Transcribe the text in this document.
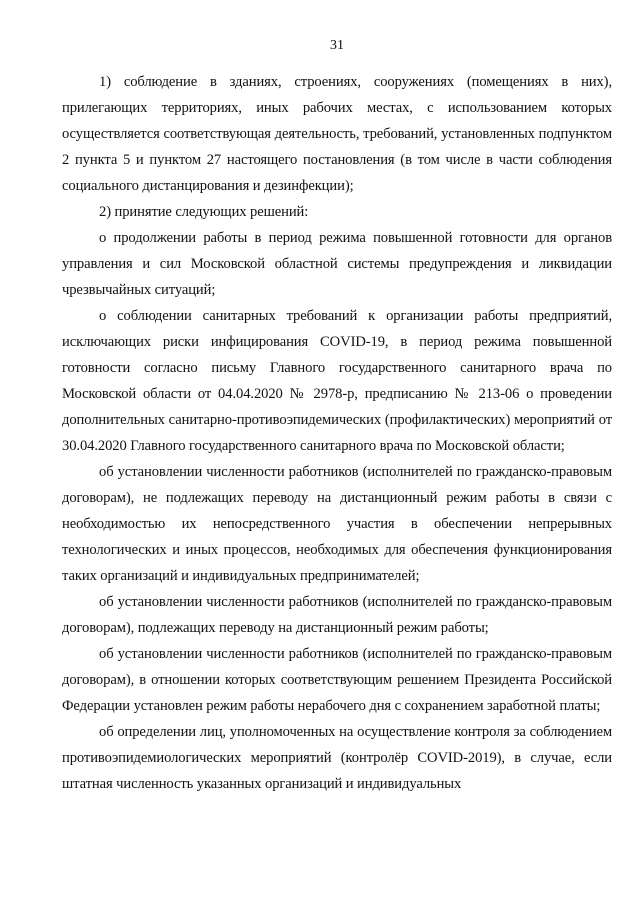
31

1) соблюдение в зданиях, строениях, сооружениях (помещениях в них), прилегающих территориях, иных рабочих местах, с использованием которых осуществляется соответствующая деятельность, требований, установленных подпунктом 2 пункта 5 и пунктом 27 настоящего постановления (в том числе в части соблюдения социального дистанцирования и дезинфекции);

2) принятие следующих решений:

о продолжении работы в период режима повышенной готовности для органов управления и сил Московской областной системы предупреждения и ликвидации чрезвычайных ситуаций;

о соблюдении санитарных требований к организации работы предприятий, исключающих риски инфицирования COVID-19, в период режима повышенной готовности согласно письму Главного государственного санитарного врача по Московской области от 04.04.2020 № 2978-р, предписанию № 213-06 о проведении дополнительных санитарно-противоэпидемических (профилактических) мероприятий от 30.04.2020 Главного государственного санитарного врача по Московской области;

об установлении численности работников (исполнителей по гражданско-правовым договорам), не подлежащих переводу на дистанционный режим работы в связи с необходимостью их непосредственного участия в обеспечении непрерывных технологических и иных процессов, необходимых для обеспечения функционирования таких организаций и индивидуальных предпринимателей;

об установлении численности работников (исполнителей по гражданско-правовым договорам), подлежащих переводу на дистанционный режим работы;

об установлении численности работников (исполнителей по гражданско-правовым договорам), в отношении которых соответствующим решением Президента Российской Федерации установлен режим работы нерабочего дня с сохранением заработной платы;

об определении лиц, уполномоченных на осуществление контроля за соблюдением противоэпидемиологических мероприятий (контролёр COVID-2019), в случае, если штатная численность указанных организаций и индивидуальных
